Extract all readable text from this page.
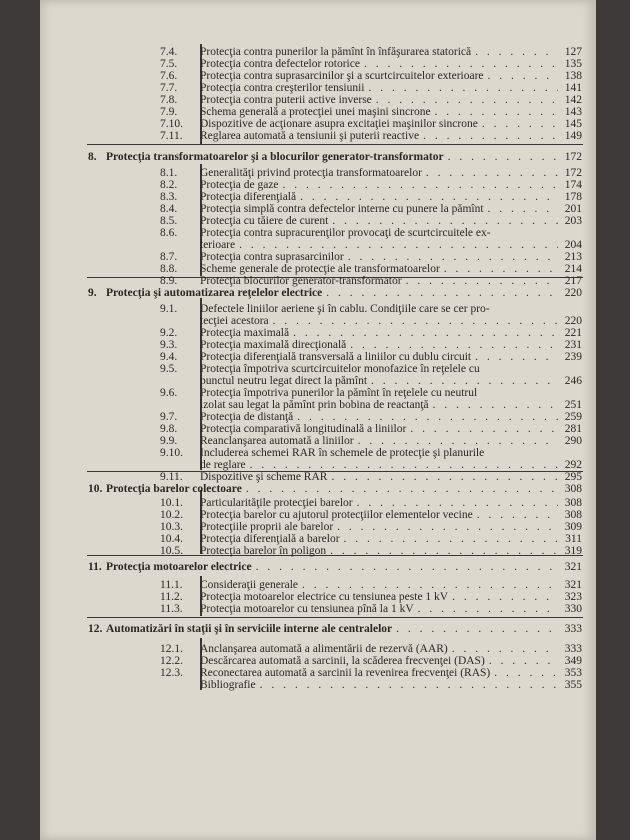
7.4.	Protecţia contra punerilor la pămînt în înfăşurarea statorică . . .	127
7.5.	Protecţia contra defectelor rotorice . . .	135
7.6.	Protecţia contra suprasarcinilor şi a scurtcircuitelor exterioare . . .	138
7.7.	Protecţia contra creşterilor tensiunii . . .	141
7.8.	Protecţia contra puterii active inverse . . .	142
7.9.	Schema generală a protecţiei unei maşini sincrone . . .	143
7.10.	Dispozitive de acţionare asupra excitaţiei maşinilor sincrone . . .	145
7.11.	Reglarea automată a tensiunii şi puterii reactive . . .	149
8. Protecţia transformatoarelor şi a blocurilor generator-transformator . . .	172
8.1.	Generalităţi privind protecţia transformatoarelor . . .	172
8.2.	Protecţia de gaze . . .	174
8.3.	Protecţia diferenţială . . .	178
8.4.	Protecţia simplă contra defectelor interne cu punere la pămînt . . .	201
8.5.	Protecţia cu tăiere de curent . . .	203
8.6.	Protecţia contra supracurenţilor provocaţi de scurtcircuitele ex-
terioare . . .	204
8.7.	Protecţia contra suprasarcinilor . . .	213
8.8.	Scheme generale de protecţie ale transformatoarelor . . .	214
8.9.	Protecţia blocurilor generator-transformator . . .	217
9. Protecţia şi automatizarea reţelelor electrice . . .	220
9.1.	Defectele liniilor aeriene şi în cablu. Condiţiile care se cer pro-
tecţiei acestora . . .	220
9.2.	Protecţia maximală . . .	221
9.3.	Protecţia maximală direcţională . . .	231
9.4.	Protecţia diferenţială transversală a liniilor cu dublu circuit . . .	239
9.5.	Protecţia împotriva scurtcircuitelor monofazice în reţelele cu
punctul neutru legat direct la pămînt . . .	246
9.6.	Protecţia împotriva punerilor la pămînt în reţelele cu neutrul
izolat sau legat la pămînt prin bobina de reactanţă . . .	251
9.7.	Protecţia de distanţă . . .	259
9.8.	Protecţia comparativă longitudinală a liniilor . . .	281
9.9.	Reanclanşarea automată a liniilor . . .	290
9.10.	Includerea schemei RAR în schemele de protecţie şi planurile
de reglare . . .	292
9.11.	Dispozitive şi scheme RAR . . .	295
10. Protecţia barelor colectoare . . .	308
10.1.	Particularităţile protecţiei barelor . . .	308
10.2.	Protecţia barelor cu ajutorul protecţiilor elementelor vecine . . .	308
10.3.	Protecţiile proprii ale barelor . . .	309
10.4.	Protecţia diferenţială a barelor . . .	311
10.5.	Protecţia barelor în poligon . . .	319
11. Protecţia motoarelor electrice . . .	321
11.1.	Consideraţii generale . . .	321
11.2.	Protecţia motoarelor electrice cu tensiunea peste 1 kV . . .	323
11.3.	Protecţia motoarelor cu tensiunea pînă la 1 kV . . .	330
12. Automatizări în staţii şi în serviciile interne ale centralelor . . .	333
12.1.	Anclanşarea automată a alimentării de rezervă (AAR) . . .	333
12.2.	Descărcarea automată a sarcinii, la scăderea frecvenţei (DAS) . . .	349
12.3.	Reconectarea automată a sarcinii la revenirea frecvenţei (RAS) . . .	353
Bibliografie . . .	355
